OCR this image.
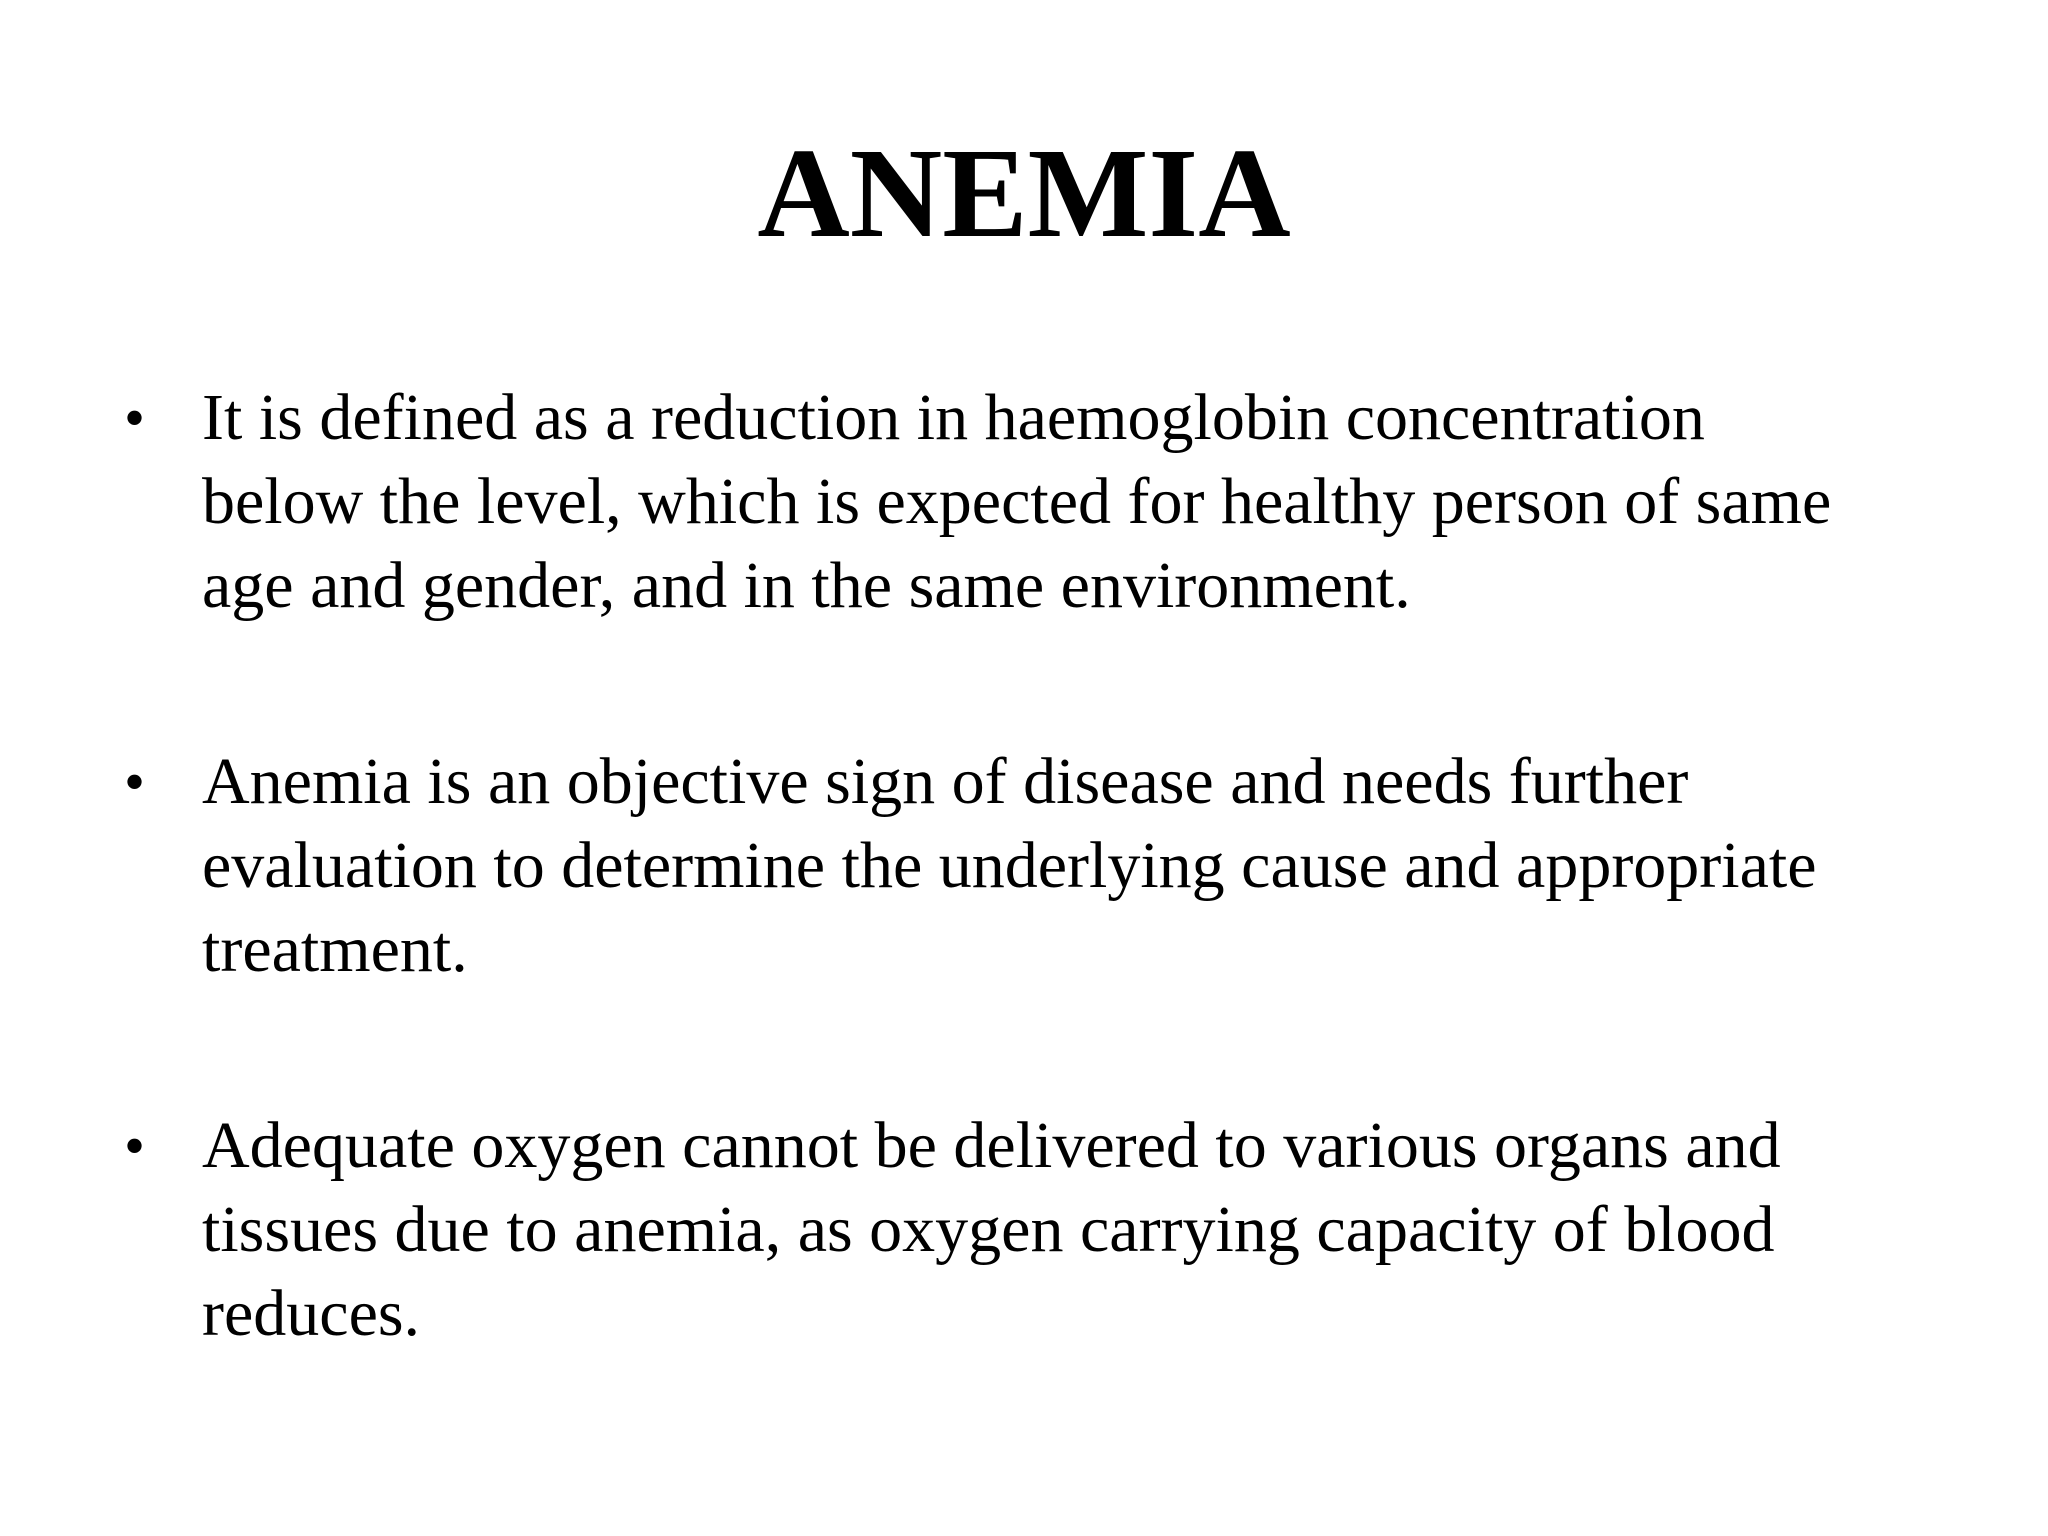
ANEMIA
• It is defined as a reduction in haemoglobin concentration
below the level, which is expected for healthy person of same
age and gender, and in the same environment.

• Anemia is an objective sign of disease and needs further
evaluation to determine the underlying cause and appropriate
treatment.

• Adequate oxygen cannot be delivered to various organs and
tissues due to anemia, as oxygen carrying capacity of blood
reduces.
